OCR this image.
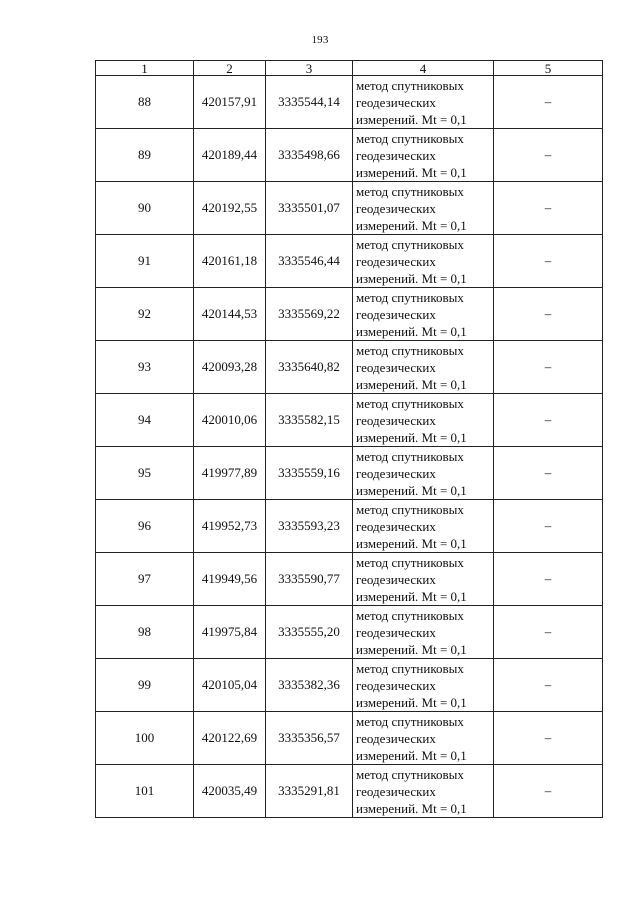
193
1	2	3	4	5
88	420157,91	3335544,14	метод спутниковых
геодезических
измерений. Mt = 0,1	–
89	420189,44	3335498,66	метод спутниковых
геодезических
измерений. Mt = 0,1	–
90	420192,55	3335501,07	метод спутниковых
геодезических
измерений. Mt = 0,1	–
91	420161,18	3335546,44	метод спутниковых
геодезических
измерений. Mt = 0,1	–
92	420144,53	3335569,22	метод спутниковых
геодезических
измерений. Mt = 0,1	–
93	420093,28	3335640,82	метод спутниковых
геодезических
измерений. Mt = 0,1	–
94	420010,06	3335582,15	метод спутниковых
геодезических
измерений. Mt = 0,1	–
95	419977,89	3335559,16	метод спутниковых
геодезических
измерений. Mt = 0,1	–
96	419952,73	3335593,23	метод спутниковых
геодезических
измерений. Mt = 0,1	–
97	419949,56	3335590,77	метод спутниковых
геодезических
измерений. Mt = 0,1	–
98	419975,84	3335555,20	метод спутниковых
геодезических
измерений. Mt = 0,1	–
99	420105,04	3335382,36	метод спутниковых
геодезических
измерений. Mt = 0,1	–
100	420122,69	3335356,57	метод спутниковых
геодезических
измерений. Mt = 0,1	–
101	420035,49	3335291,81	метод спутниковых
геодезических
измерений. Mt = 0,1	–
